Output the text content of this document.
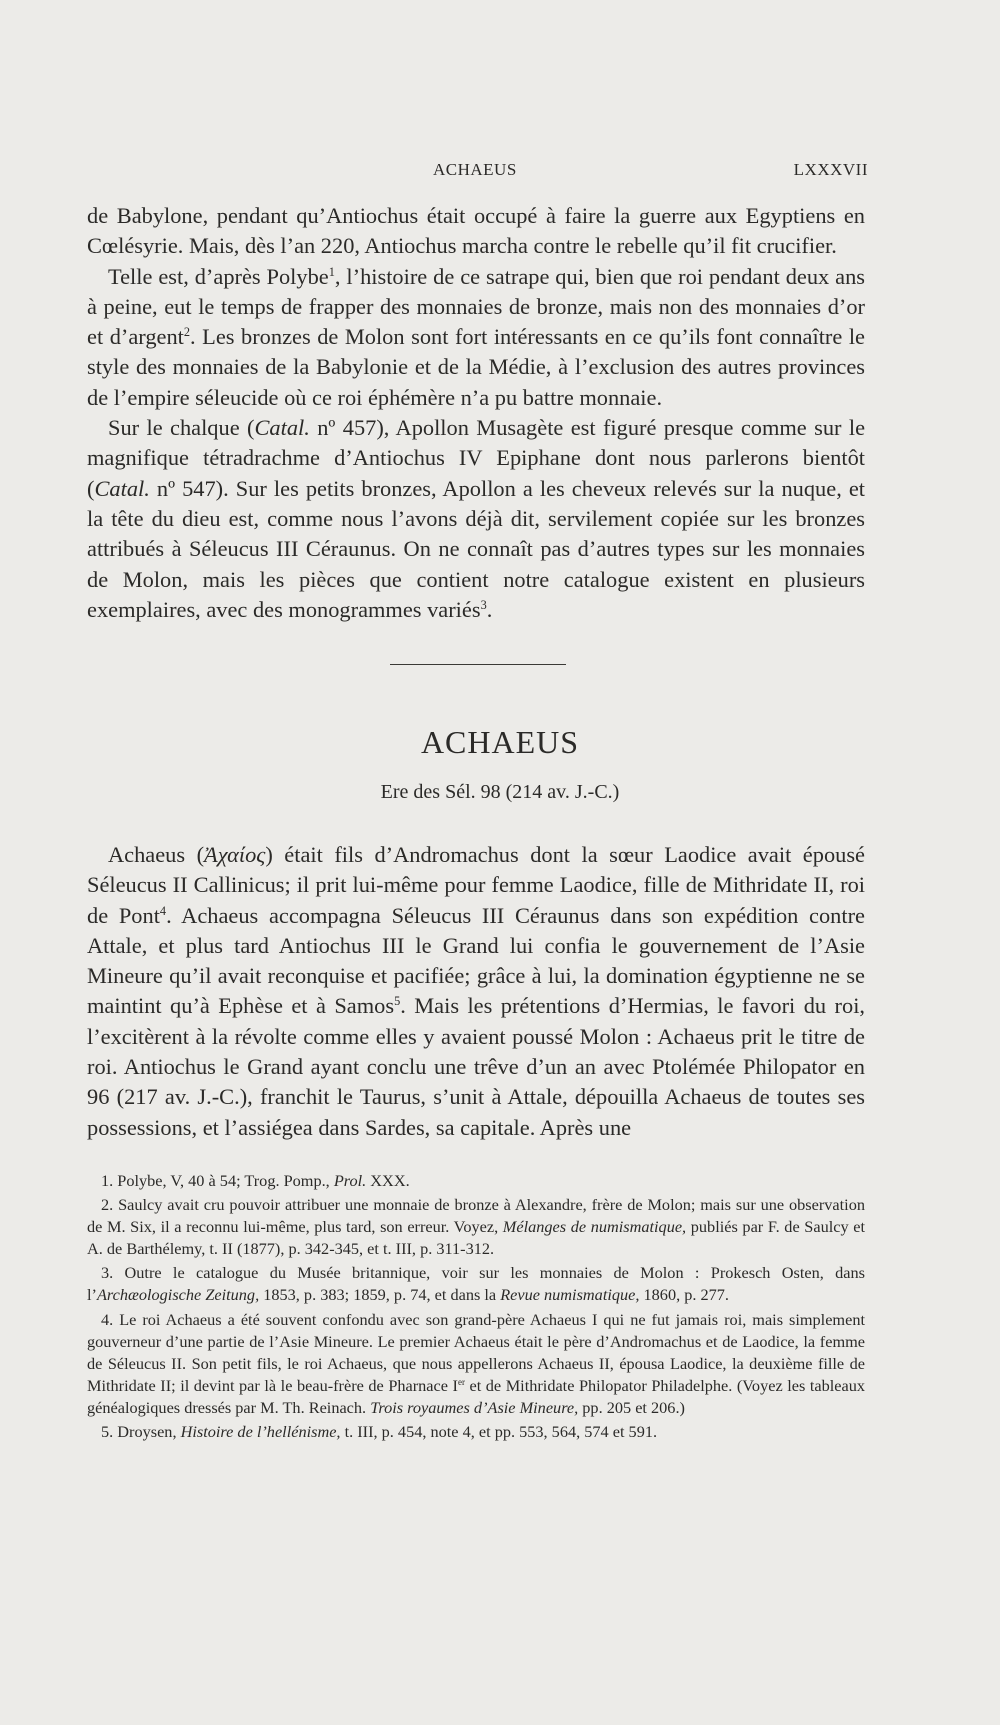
ACHAEUS	LXXXVII

de Babylone, pendant qu’Antiochus était occupé à faire la guerre aux Egyptiens en Cœlésyrie. Mais, dès l’an 220, Antiochus marcha contre le rebelle qu’il fit crucifier.

Telle est, d’après Polybe$^1$, l’histoire de ce satrape qui, bien que roi pendant deux ans à peine, eut le temps de frapper des monnaies de bronze, mais non des monnaies d’or et d’argent$^2$. Les bronzes de Molon sont fort intéressants en ce qu’ils font connaître le style des monnaies de la Babylonie et de la Médie, à l’exclusion des autres provinces de l’empire séleucide où ce roi éphémère n’a pu battre monnaie.

Sur le chalque (Catal. nº 457), Apollon Musagète est figuré presque comme sur le magnifique tétradrachme d’Antiochus IV Epiphane dont nous parlerons bientôt (Catal. nº 547). Sur les petits bronzes, Apollon a les cheveux relevés sur la nuque, et la tête du dieu est, comme nous l’avons déjà dit, servilement copiée sur les bronzes attribués à Séleucus III Céraunus. On ne connaît pas d’autres types sur les monnaies de Molon, mais les pièces que contient notre catalogue existent en plusieurs exemplaires, avec des monogrammes variés$^3$.

ACHAEUS
Ere des Sél. 98 (214 av. J.-C.)

Achaeus (Ἀχαίος) était fils d’Andromachus dont la sœur Laodice avait épousé Séleucus II Callinicus; il prit lui-même pour femme Laodice, fille de Mithridate II, roi de Pont$^4$. Achaeus accompagna Séleucus III Céraunus dans son expédition contre Attale, et plus tard Antiochus III le Grand lui confia le gouvernement de l’Asie Mineure qu’il avait reconquise et pacifiée; grâce à lui, la domination égyptienne ne se maintint qu’à Ephèse et à Samos$^5$. Mais les prétentions d’Hermias, le favori du roi, l’excitèrent à la révolte comme elles y avaient poussé Molon : Achaeus prit le titre de roi. Antiochus le Grand ayant conclu une trêve d’un an avec Ptolémée Philopator en 96 (217 av. J.-C.), franchit le Taurus, s’unit à Attale, dépouilla Achaeus de toutes ses possessions, et l’assiégea dans Sardes, sa capitale. Après une

1. Polybe, V, 40 à 54; Trog. Pomp., Prol. XXX.

2. Saulcy avait cru pouvoir attribuer une monnaie de bronze à Alexandre, frère de Molon; mais sur une observation de M. Six, il a reconnu lui-même, plus tard, son erreur. Voyez, Mélanges de numismatique, publiés par F. de Saulcy et A. de Barthélemy, t. II (1877), p. 342-345, et t. III, p. 311-312.

3. Outre le catalogue du Musée britannique, voir sur les monnaies de Molon : Prokesch Osten, dans l’Archæologische Zeitung, 1853, p. 383; 1859, p. 74, et dans la Revue numismatique, 1860, p. 277.

4. Le roi Achaeus a été souvent confondu avec son grand-père Achaeus I qui ne fut jamais roi, mais simplement gouverneur d’une partie de l’Asie Mineure. Le premier Achaeus était le père d’Andromachus et de Laodice, la femme de Séleucus II. Son petit fils, le roi Achaeus, que nous appellerons Achaeus II, épousa Laodice, la deuxième fille de Mithridate II; il devint par là le beau-frère de Pharnace Ier et de Mithridate Philopator Philadelphe. (Voyez les tableaux généalogiques dressés par M. Th. Reinach. Trois royaumes d’Asie Mineure, pp. 205 et 206.)

5. Droysen, Histoire de l’hellénisme, t. III, p. 454, note 4, et pp. 553, 564, 574 et 591.
